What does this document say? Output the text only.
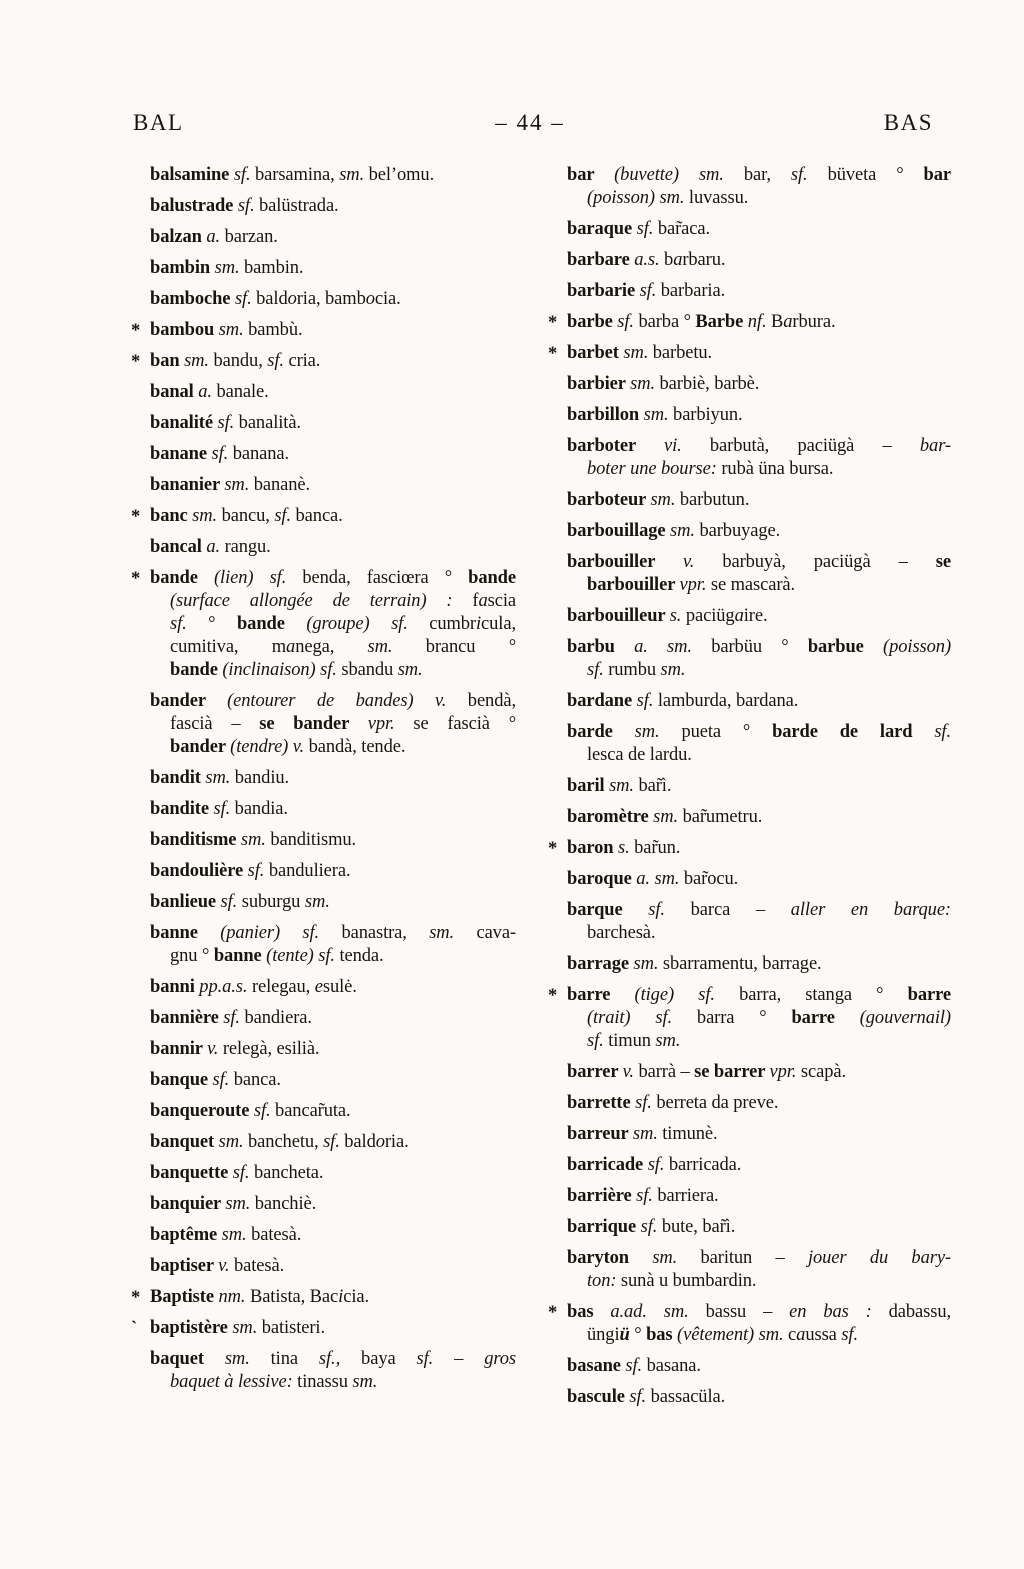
BAL	– 44 –	BAS
balsamine sf. barsamina, sm. bel’omu.
balustrade sf. balüstrada.
balzan a. barzan.
bambin sm. bambin.
bamboche sf. baldoria, bambocia.
* bambou sm. bambù.
* ban sm. bandu, sf. cria.
banal a. banale.
banalité sf. banalità.
banane sf. banana.
bananier sm. bananè.
* banc sm. bancu, sf. banca.
bancal a. rangu.
* bande (lien) sf. benda, fasciœra ° bande
(surface allongée de terrain) : fascia
sf. ° bande (groupe) sf. cumbricula,
cumitiva, manega, sm. brancu °
bande (inclinaison) sf. sbandu sm.
bander (entourer de bandes) v. bendà,
fascià – se bander vpr. se fascià °
bander (tendre) v. bandà, tende.
bandit sm. bandiu.
bandite sf. bandia.
banditisme sm. banditismu.
bandoulière sf. banduliera.
banlieue sf. suburgu sm.
banne (panier) sf. banastra, sm. cava-
gnu ° banne (tente) sf. tenda.
banni pp.a.s. relegau, esulė.
bannière sf. bandiera.
bannir v. relegà, esilià.
banque sf. banca.
banqueroute sf. bancar̃uta.
banquet sm. banchetu, sf. baldoria.
banquette sf. bancheta.
banquier sm. banchiè.
baptême sm. batesà.
baptiser v. batesà.
* Baptiste nm. Batista, Bacicia.
ˋ baptistère sm. batisteri.
baquet sm. tina sf., baya sf. – gros
baquet à lessive: tinassu sm.
bar (buvette) sm. bar, sf. büveta ° bar
(poisson) sm. luvassu.
baraque sf. bar̃aca.
barbare a.s. barbaru.
barbarie sf. barbaria.
* barbe sf. barba ° Barbe nf. Barbura.
* barbet sm. barbetu.
barbier sm. barbiè, barbè.
barbillon sm. barbiyun.
barboter vi. barbutà, paciügà – bar-
boter une bourse: rubà üna bursa.
barboteur sm. barbutun.
barbouillage sm. barbuyage.
barbouiller v. barbuyà, paciügà – se
barbouiller vpr. se mascarà.
barbouilleur s. paciügaire.
barbu a. sm. barbüu ° barbue (poisson)
sf. rumbu sm.
bardane sf. lamburda, bardana.
barde sm. pueta ° barde de lard sf.
lesca de lardu.
baril sm. bar̃ì.
baromètre sm. bar̃umetru.
* baron s. bar̃un.
baroque a. sm. bar̃ocu.
barque sf. barca – aller en barque:
barchesà.
barrage sm. sbarramentu, barrage.
* barre (tige) sf. barra, stanga ° barre
(trait) sf. barra ° barre (gouvernail)
sf. timun sm.
barrer v. barrà – se barrer vpr. scapà.
barrette sf. berreta da preve.
barreur sm. timunè.
barricade sf. barricada.
barrière sf. barriera.
barrique sf. bute, bar̃ì.
baryton sm. baritun – jouer du bary-
ton: sunà u bumbardin.
* bas a.ad. sm. bassu – en bas : dabassu,
üngiü ° bas (vêtement) sm. caussa sf.
basane sf. basana.
bascule sf. bassacüla.
